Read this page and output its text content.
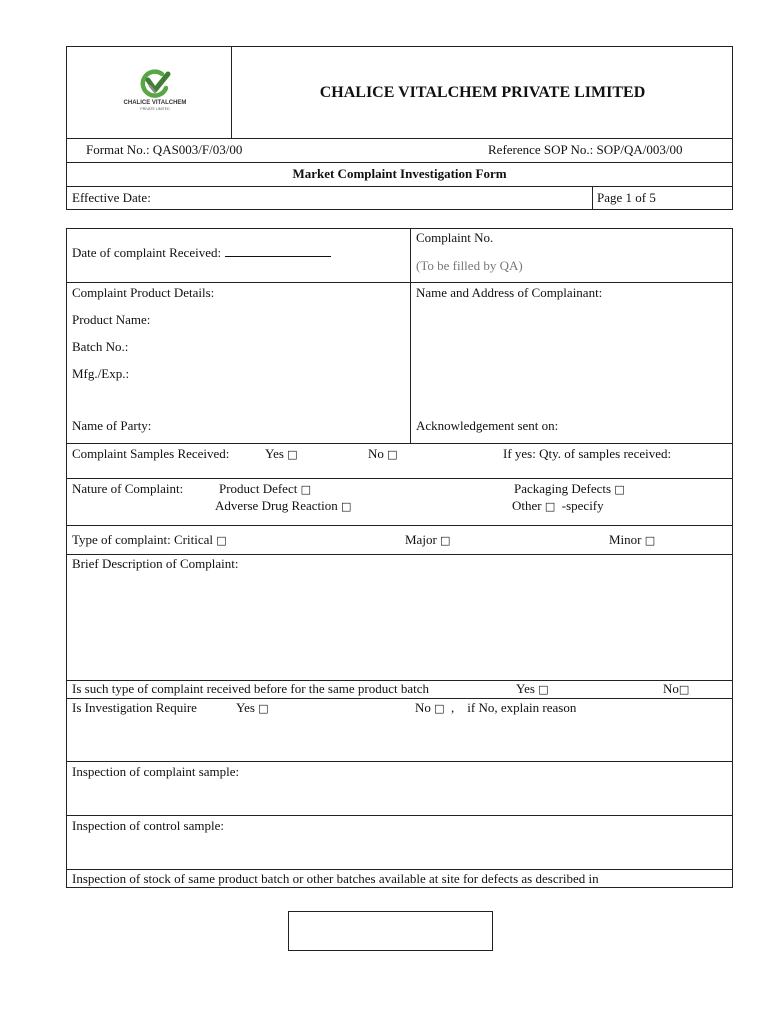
CHALICE VITALCHEM
PRIVATE LIMITED
CHALICE VITALCHEM PRIVATE LIMITED
Format No.: QAS003/F/03/00	Reference SOP No.: SOP/QA/003/00
Market Complaint Investigation Form
Effective Date:	Page 1 of 5
Date of complaint Received:
Complaint No.
(To be filled by QA)
Complaint Product Details:
Product Name:
Batch No.:
Mfg./Exp.:
Name of Party:
Name and Address of Complainant:
Acknowledgement sent on:
Complaint Samples Received:	Yes □	No □	If yes: Qty. of samples received:
Nature of Complaint:	Product Defect □	Packaging Defects □
Adverse Drug Reaction □	Other □ -specify
Type of complaint: Critical □	Major □	Minor □
Brief Description of Complaint:
Is such type of complaint received before for the same product batch	Yes □	No□
Is Investigation Require	Yes □	No □ , if No, explain reason
Inspection of complaint sample:
Inspection of control sample:
Inspection of stock of same product batch or other batches available at site for defects as described in
